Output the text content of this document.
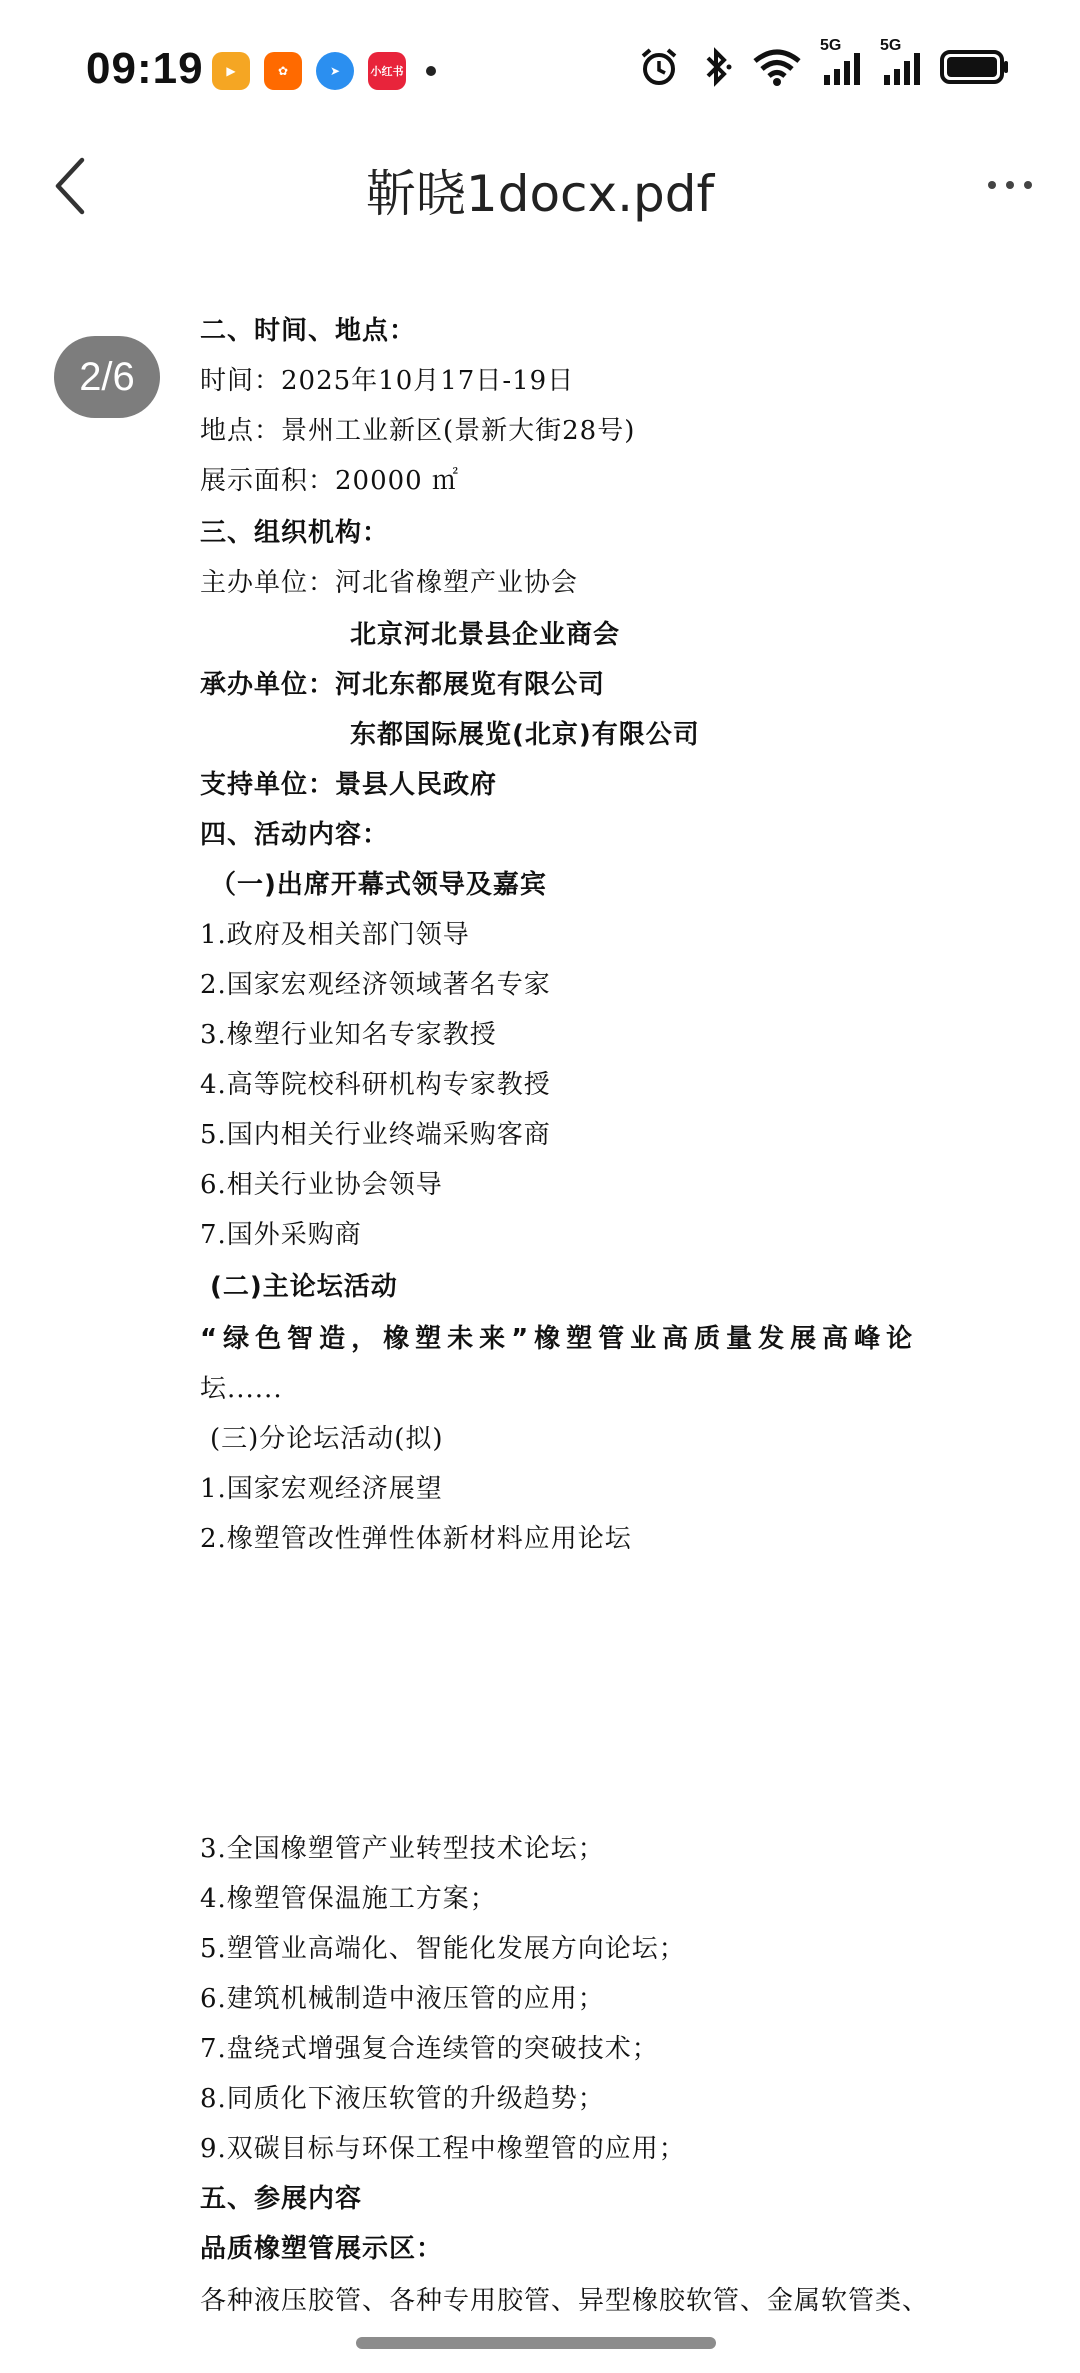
09:19	▶	✿	➤	小红书
5G 5G
靳晓1docx.pdf
2/6
二、时间、地点：
时间：2025年10月17日-19日
地点：景州工业新区(景新大街28号)
展示面积：20000 ㎡
三、组织机构：
主办单位：河北省橡塑产业协会
北京河北景县企业商会
承办单位：河北东都展览有限公司
东都国际展览(北京)有限公司
支持单位：景县人民政府
四、活动内容：
（一)出席开幕式领导及嘉宾
1.政府及相关部门领导
2.国家宏观经济领域著名专家
3.橡塑行业知名专家教授
4.高等院校科研机构专家教授
5.国内相关行业终端采购客商
6.相关行业协会领导
7.国外采购商
(二)主论坛活动
“绿色智造，橡塑未来”橡塑管业高质量发展高峰论
坛......
(三)分论坛活动(拟)
1.国家宏观经济展望
2.橡塑管改性弹性体新材料应用论坛
3.全国橡塑管产业转型技术论坛；
4.橡塑管保温施工方案；
5.塑管业高端化、智能化发展方向论坛；
6.建筑机械制造中液压管的应用；
7.盘绕式增强复合连续管的突破技术；
8.同质化下液压软管的升级趋势；
9.双碳目标与环保工程中橡塑管的应用；
五、参展内容
品质橡塑管展示区：
各种液压胶管、各种专用胶管、异型橡胶软管、金属软管类、
